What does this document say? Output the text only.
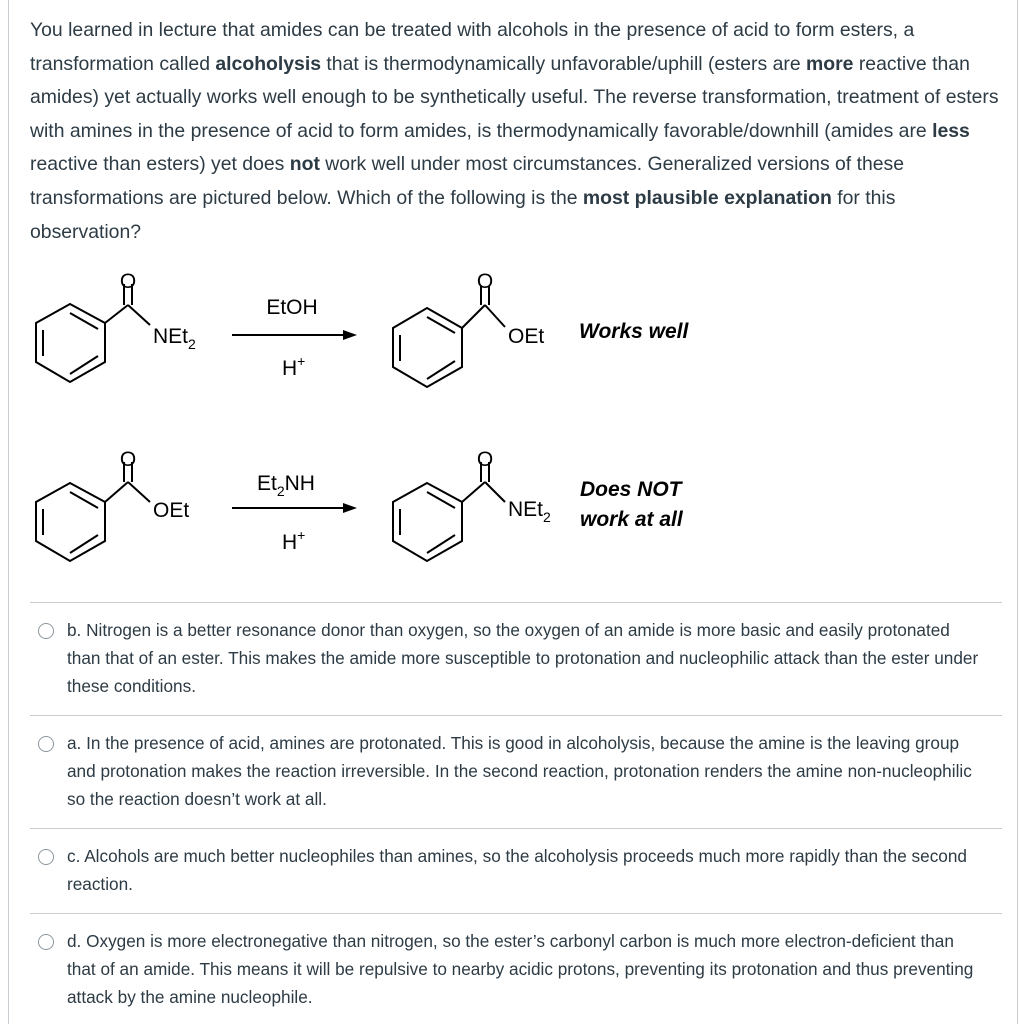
You learned in lecture that amides can be treated with alcohols in the presence of acid to form esters, a transformation called alcoholysis that is thermodynamically unfavorable/uphill (esters are more reactive than amides) yet actually works well enough to be synthetically useful. The reverse transformation, treatment of esters with amines in the presence of acid to form amides, is thermodynamically favorable/downhill (amides are less reactive than esters) yet does not work well under most circumstances. Generalized versions of these transformations are pictured below. Which of the following is the most plausible explanation for this observation?

O
NEt$_2$
EtOH
H+
O
OEt Works well
O
OEt
$Et_2NH$
H+
O
NEt$_2$
Does NOT
work at all

b. Nitrogen is a better resonance donor than oxygen, so the oxygen of an amide is more basic and easily protonated than that of an ester. This makes the amide more susceptible to protonation and nucleophilic attack than the ester under these conditions.

a. In the presence of acid, amines are protonated. This is good in alcoholysis, because the amine is the leaving group and protonation makes the reaction irreversible. In the second reaction, protonation renders the amine non-nucleophilic so the reaction doesn’t work at all.

c. Alcohols are much better nucleophiles than amines, so the alcoholysis proceeds much more rapidly than the second reaction.

d. Oxygen is more electronegative than nitrogen, so the ester’s carbonyl carbon is much more electron-deficient than that of an amide. This means it will be repulsive to nearby acidic protons, preventing its protonation and thus preventing attack by the amine nucleophile.
